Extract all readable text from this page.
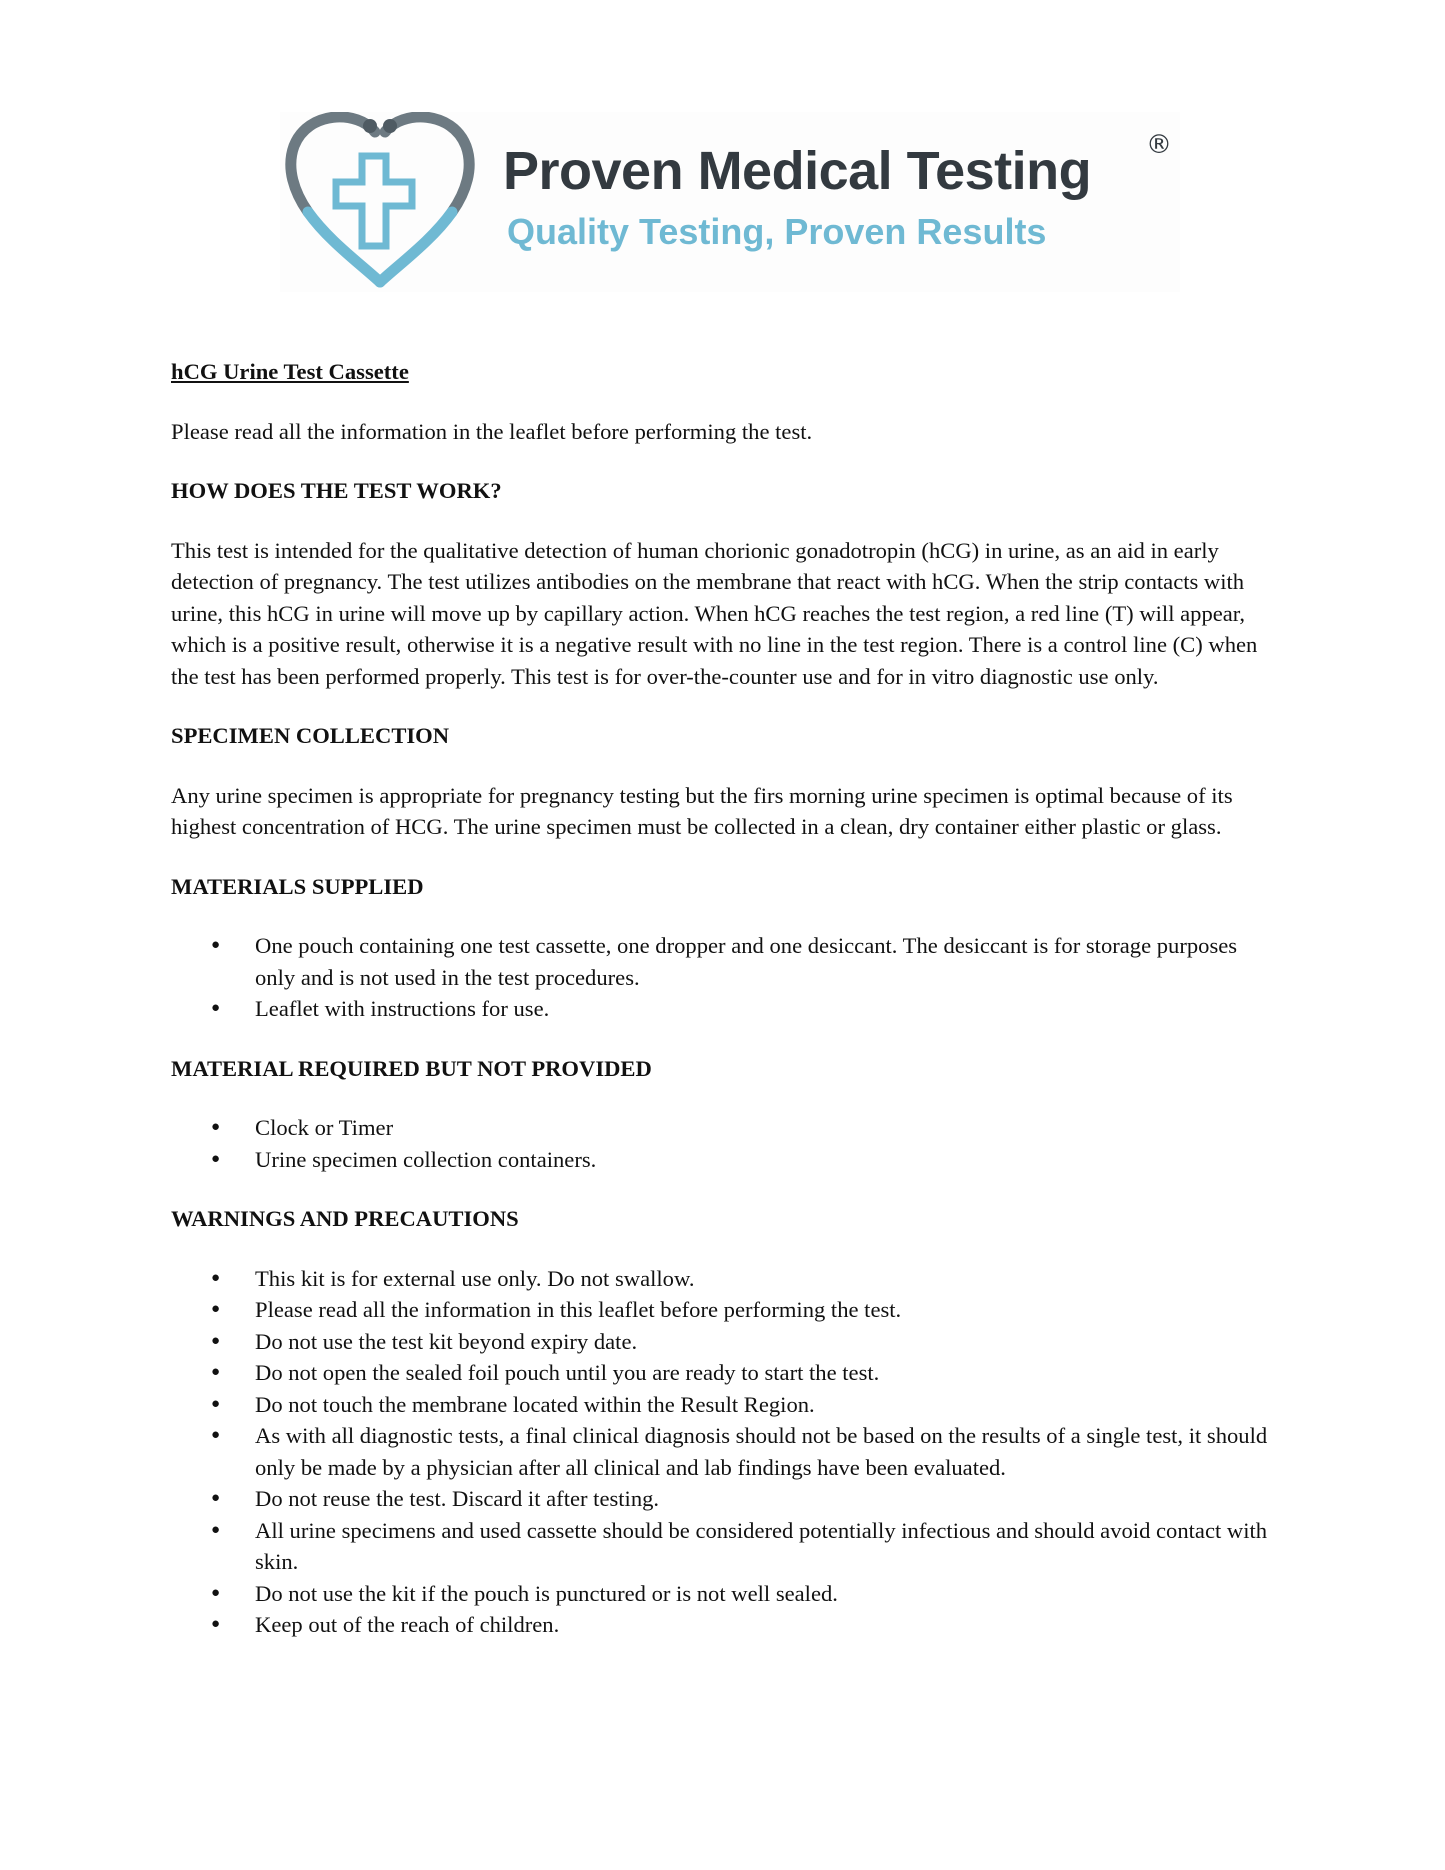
Proven Medical Testing ®
Quality Testing, Proven Results
hCG Urine Test Cassette
Please read all the information in the leaflet before performing the test.
HOW DOES THE TEST WORK?
This test is intended for the qualitative detection of human chorionic gonadotropin (hCG) in urine, as an aid in early detection of pregnancy. The test utilizes antibodies on the membrane that react with hCG. When the strip contacts with urine, this hCG in urine will move up by capillary action. When hCG reaches the test region, a red line (T) will appear, which is a positive result, otherwise it is a negative result with no line in the test region. There is a control line (C) when the test has been performed properly. This test is for over-the-counter use and for in vitro diagnostic use only.
SPECIMEN COLLECTION
Any urine specimen is appropriate for pregnancy testing but the firs morning urine specimen is optimal because of its highest concentration of HCG. The urine specimen must be collected in a clean, dry container either plastic or glass.
MATERIALS SUPPLIED
● One pouch containing one test cassette, one dropper and one desiccant. The desiccant is for storage purposes only and is not used in the test procedures.
● Leaflet with instructions for use.
MATERIAL REQUIRED BUT NOT PROVIDED
● Clock or Timer
● Urine specimen collection containers.
WARNINGS AND PRECAUTIONS
● This kit is for external use only. Do not swallow.
● Please read all the information in this leaflet before performing the test.
● Do not use the test kit beyond expiry date.
● Do not open the sealed foil pouch until you are ready to start the test.
● Do not touch the membrane located within the Result Region.
● As with all diagnostic tests, a final clinical diagnosis should not be based on the results of a single test, it should only be made by a physician after all clinical and lab findings have been evaluated.
● Do not reuse the test. Discard it after testing.
● All urine specimens and used cassette should be considered potentially infectious and should avoid contact with skin.
● Do not use the kit if the pouch is punctured or is not well sealed.
● Keep out of the reach of children.
